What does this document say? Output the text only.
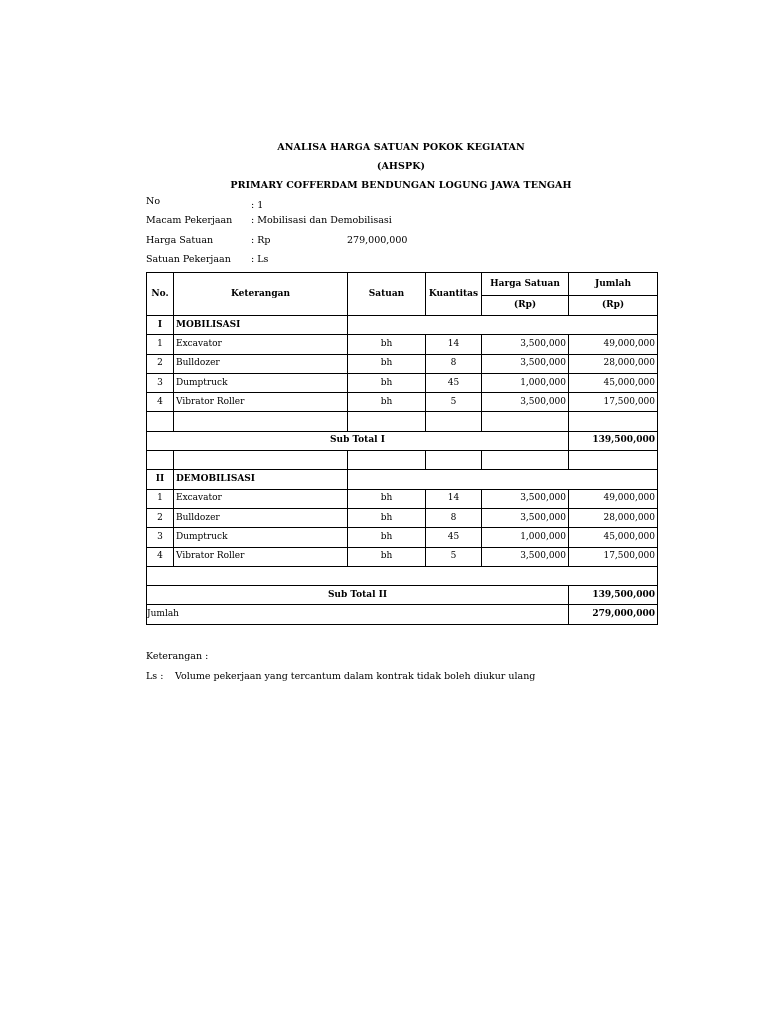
ANALISA HARGA SATUAN POKOK KEGIATAN
(AHSPK)
PRIMARY COFFERDAM BENDUNGAN LOGUNG JAWA TENGAH
No	: 1
Macam Pekerjaan : Mobilisasi dan Demobilisasi
Harga Satuan	: Rp	279,000,000
Satuan Pekerjaan : Ls
No.	Keterangan	Satuan	Kuantitas	Harga Satuan	Jumlah
				(Rp)	(Rp)
I	MOBILISASI				
1	Excavator	bh	14	3,500,000	49,000,000
2	Bulldozer	bh	8	3,500,000	28,000,000
3	Dumptruck	bh	45	1,000,000	45,000,000
4	Vibrator Roller	bh	5	3,500,000	17,500,000

Sub Total I					139,500,000

II	DEMOBILISASI				
1	Excavator	bh	14	3,500,000	49,000,000
2	Bulldozer	bh	8	3,500,000	28,000,000
3	Dumptruck	bh	45	1,000,000	45,000,000
4	Vibrator Roller	bh	5	3,500,000	17,500,000

Sub Total II					139,500,000
Jumlah					279,000,000
Keterangan :
Ls : Volume pekerjaan yang tercantum dalam kontrak tidak boleh diukur ulang
